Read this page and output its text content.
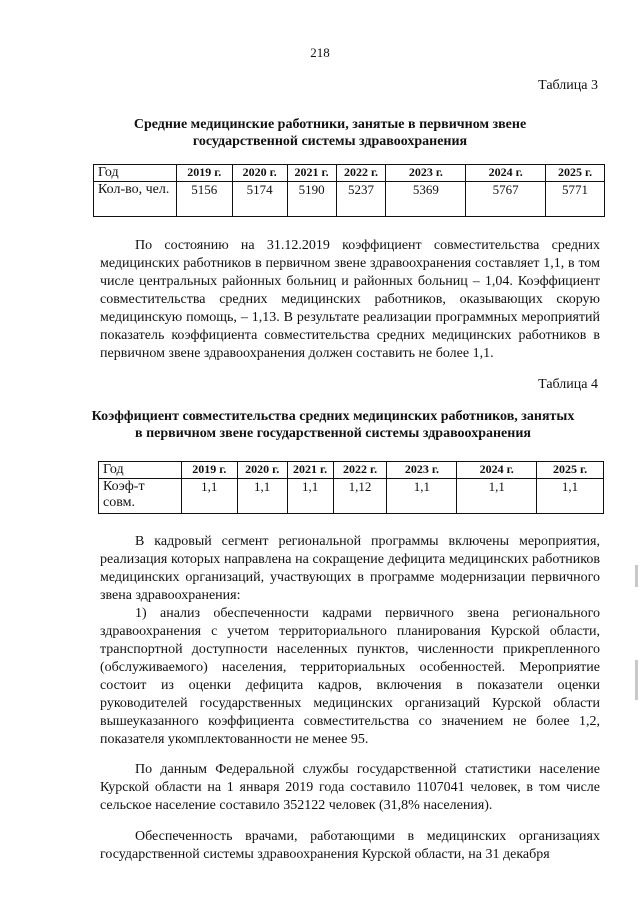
218
Таблица 3
Средние медицинские работники, занятые в первичном звене государственной системы здравоохранения
Год	2019 г.	2020 г.	2021 г.	2022 г.	2023 г.	2024 г.	2025 г.
Кол-во, чел.	5156	5174	5190	5237	5369	5767	5771

По состоянию на 31.12.2019 коэффициент совместительства средних медицинских работников в первичном звене здравоохранения составляет 1,1, в том числе центральных районных больниц и районных больниц – 1,04. Коэффициент совместительства средних медицинских работников, оказывающих скорую медицинскую помощь, – 1,13. В результате реализации программных мероприятий показатель коэффициента совместительства средних медицинских работников в первичном звене здравоохранения должен составить не более 1,1.

Таблица 4
Коэффициент совместительства средних медицинских работников, занятых в первичном звене государственной системы здравоохранения
Год	2019 г.	2020 г.	2021 г.	2022 г.	2023 г.	2024 г.	2025 г.
Коэф-т совм.	1,1	1,1	1,1	1,12	1,1	1,1	1,1

В кадровый сегмент региональной программы включены мероприятия, реализация которых направлена на сокращение дефицита медицинских работников медицинских организаций, участвующих в программе модернизации первичного звена здравоохранения:

1) анализ обеспеченности кадрами первичного звена регионального здравоохранения с учетом территориального планирования Курской области, транспортной доступности населенных пунктов, численности прикрепленного (обслуживаемого) населения, территориальных особенностей. Мероприятие состоит из оценки дефицита кадров, включения в показатели оценки руководителей государственных медицинских организаций Курской области вышеуказанного коэффициента совместительства со значением не более 1,2, показателя укомплектованности не менее 95.

По данным Федеральной службы государственной статистики население Курской области на 1 января 2019 года составило 1107041 человек, в том числе сельское население составило 352122 человек (31,8% населения).

Обеспеченность врачами, работающими в медицинских организациях государственной системы здравоохранения Курской области, на 31 декабря
